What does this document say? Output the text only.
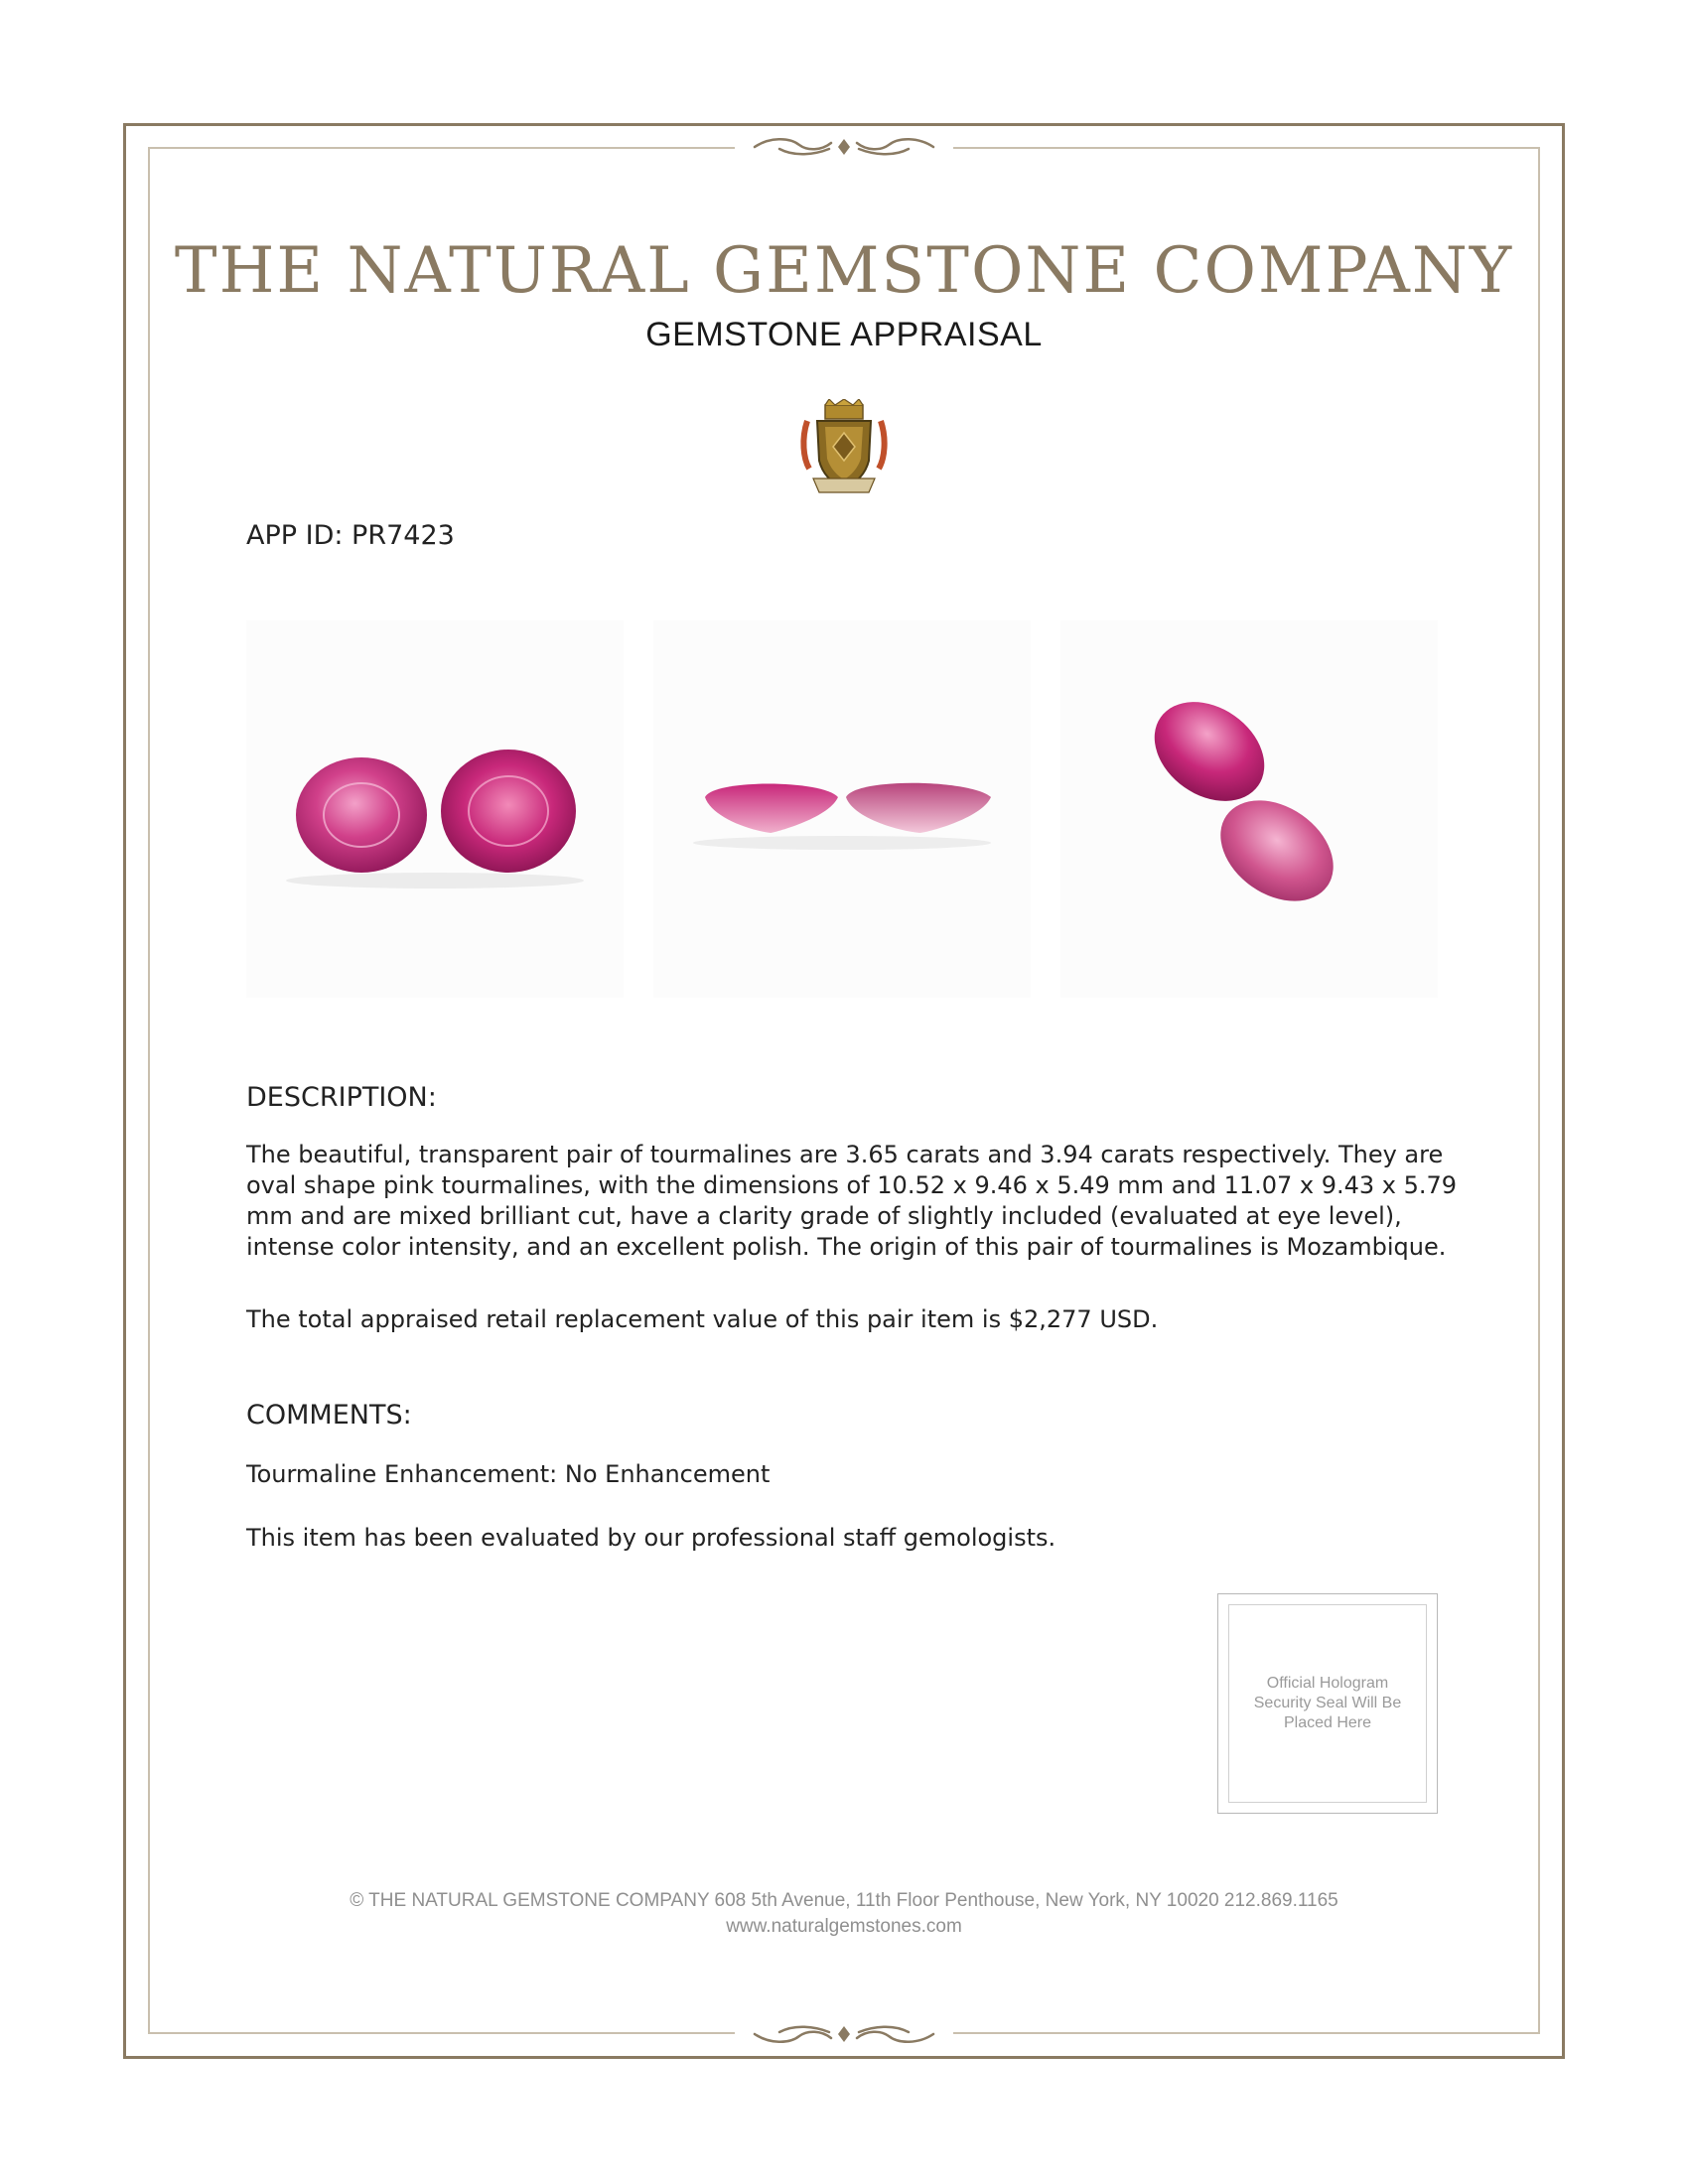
THE NATURAL GEMSTONE COMPANY
GEMSTONE APPRAISAL
APP ID: PR7423
DESCRIPTION:
The beautiful, transparent pair of tourmalines are 3.65 carats and 3.94 carats respectively. They are oval shape pink tourmalines, with the dimensions of 10.52 x 9.46 x 5.49 mm and 11.07 x 9.43 x 5.79 mm and are mixed brilliant cut, have a clarity grade of slightly included (evaluated at eye level), intense color intensity, and an excellent polish. The origin of this pair of tourmalines is Mozambique.
The total appraised retail replacement value of this pair item is $2,277 USD.
COMMENTS:
Tourmaline Enhancement: No Enhancement
This item has been evaluated by our professional staff gemologists.
Official Hologram Security Seal Will Be Placed Here
© THE NATURAL GEMSTONE COMPANY 608 5th Avenue, 11th Floor Penthouse, New York, NY 10020 212.869.1165
www.naturalgemstones.com
